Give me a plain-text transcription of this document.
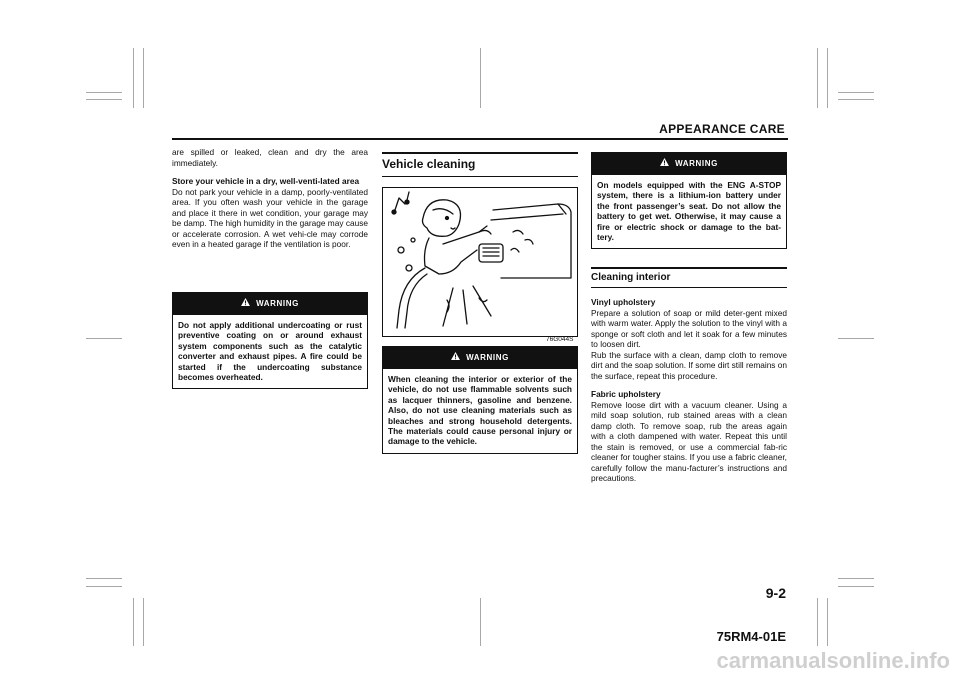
APPEARANCE CARE

are spilled or leaked, clean and dry the area immediately.

Store your vehicle in a dry, well-venti-lated area

Do not park your vehicle in a damp, poorly-ventilated area. If you often wash your vehicle in the garage and place it there in wet condition, your garage may be damp. The high humidity in the garage may cause or accelerate corrosion. A wet vehi-cle may corrode even in a heated garage if the ventilation is poor.

WARNING
Do not apply additional undercoating or rust preventive coating on or around exhaust system components such as the catalytic converter and exhaust pipes. A fire could be started if the undercoating substance becomes overheated.
Vehicle cleaning
76G044S
WARNING
When cleaning the interior or exterior of the vehicle, do not use flammable solvents such as lacquer thinners, gasoline and benzene. Also, do not use cleaning materials such as bleaches and strong household detergents. The materials could cause personal injury or damage to the vehicle.
WARNING
On models equipped with the ENG A-STOP system, there is a lithium-ion battery under the front passenger’s seat. Do not allow the battery to get wet. Otherwise, it may cause a fire or electric shock or damage to the bat-tery.
Cleaning interior
Vinyl upholstery
Prepare a solution of soap or mild deter-gent mixed with warm water. Apply the solution to the vinyl with a sponge or soft cloth and let it soak for a few minutes to loosen dirt.

Rub the surface with a clean, damp cloth to remove dirt and the soap solution. If some dirt still remains on the surface, repeat this procedure.

Fabric upholstery

Remove loose dirt with a vacuum cleaner. Using a mild soap solution, rub stained areas with a clean damp cloth. To remove soap, rub the areas again with a cloth dampened with water. Repeat this until the stain is removed, or use a commercial fab-ric cleaner for tougher stains. If you use a fabric cleaner, carefully follow the manu-facturer’s instructions and precautions.

9-2
75RM4-01E
carmanualsonline.info
